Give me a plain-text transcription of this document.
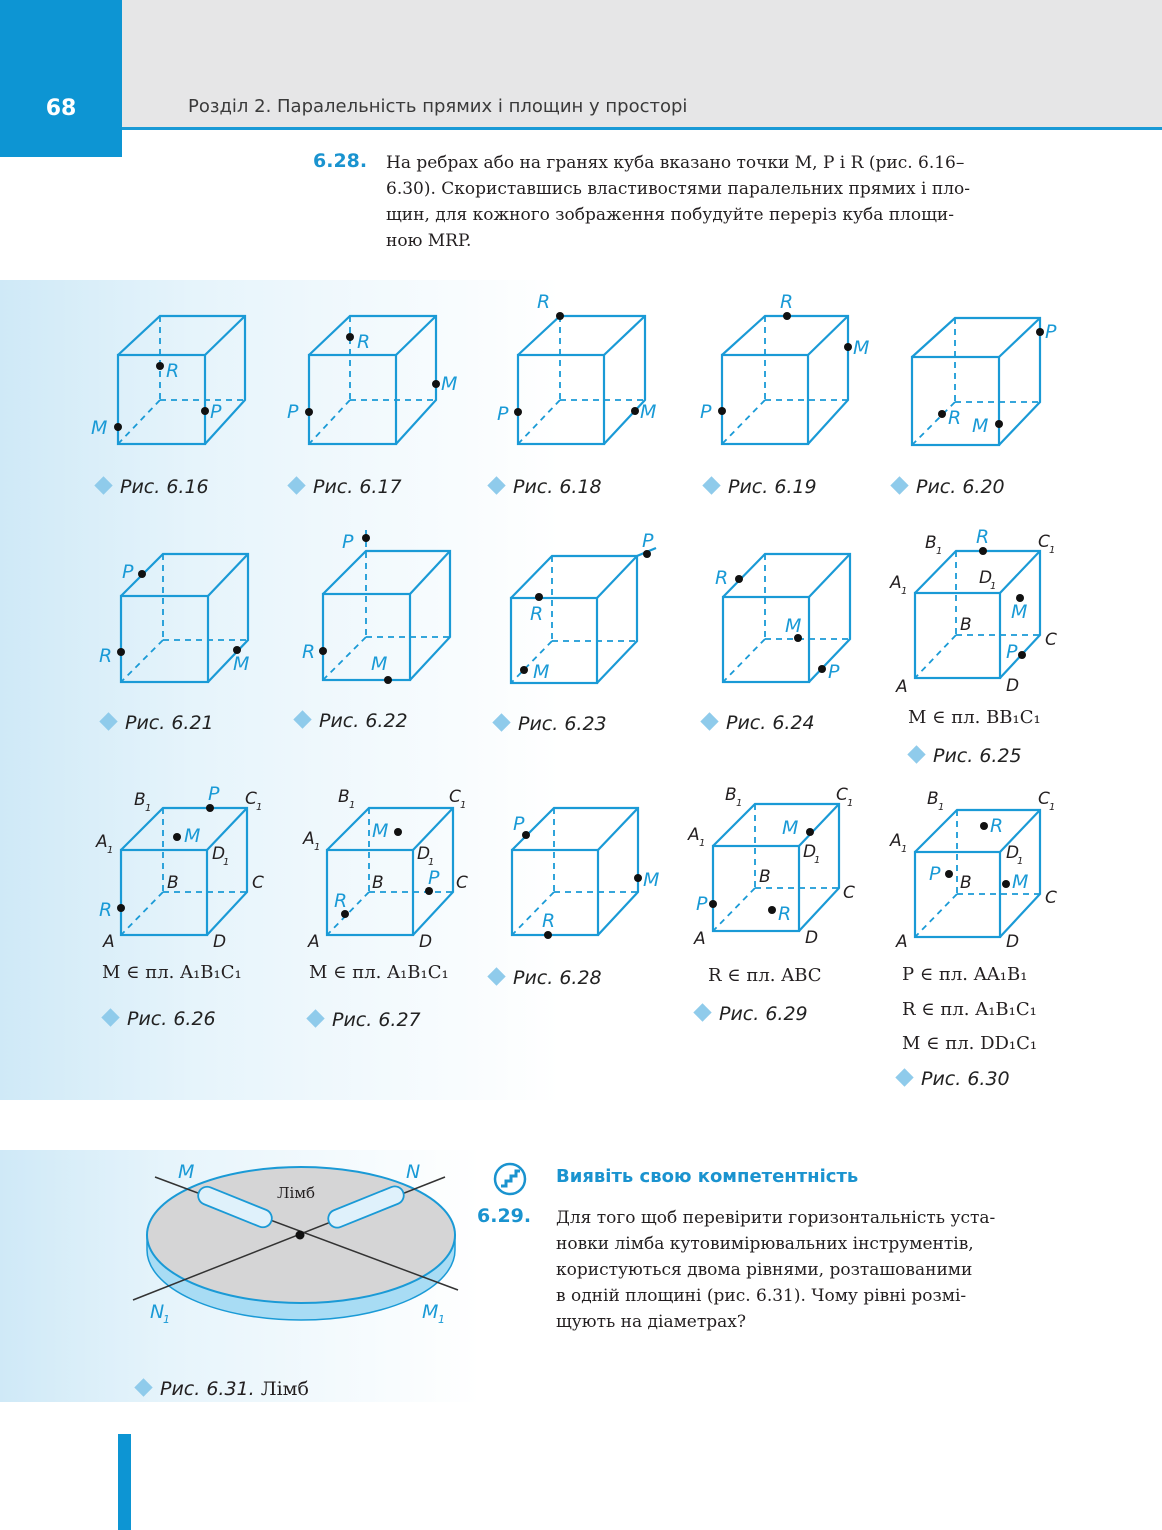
68	Розділ 2. Паралельність прямих і площин у просторі
6.28. На ребрах або на гранях куба вказано точки M, P і R (рис. 6.16–
6.30). Скориставшись властивостями паралельних прямих і пло-
щин, для кожного зображення побудуйте переріз куба площи-
ною MRP.
R
M
P
R
M
P
R
P	M
R
M
P
P
R M
P
R	M
P
R
M
P
R
M
R
M
P
R
M
P
B 1	C 1
D
1
A 1
B
C
A	D
P
M
R
B 1	C 1
A 1	D
1
B	C
A	D
M
P
R
B 1	C 1
A 1	D
1
B	C
A	D
P
M
R
M
P	R
B 1	C 1
A 1	D
1
B
C
A	D
R
P	M
B 1	C 1
A 1	D
1
B
C
A	D
Рис. 6.16	Рис. 6.17	Рис. 6.18	Рис. 6.19	Рис. 6.20
Рис. 6.21	Рис. 6.22	Рис. 6.23	Рис. 6.24	M ∈ пл. BB₁C₁
Рис. 6.25
M ∈ пл. A₁B₁C₁
Рис. 6.26
M ∈ пл. A₁B₁C₁
Рис. 6.27
Рис. 6.28	R ∈ пл. ABC
Рис. 6.29
P ∈ пл. AA₁B₁
R ∈ пл. A₁B₁C₁
M ∈ пл. DD₁C₁
Рис. 6.30
Лімб
M	N
N
1	M 1
Рис. 6.31. Лімб
Виявіть свою компетентність
6.29. Для того щоб перевірити горизонтальність уста-
новки лімба кутовимірювальних інструментів,
користуються двома рівнями, розташованими
в одній площині (рис. 6.31). Чому рівні розмі-
щують на діаметрах?
